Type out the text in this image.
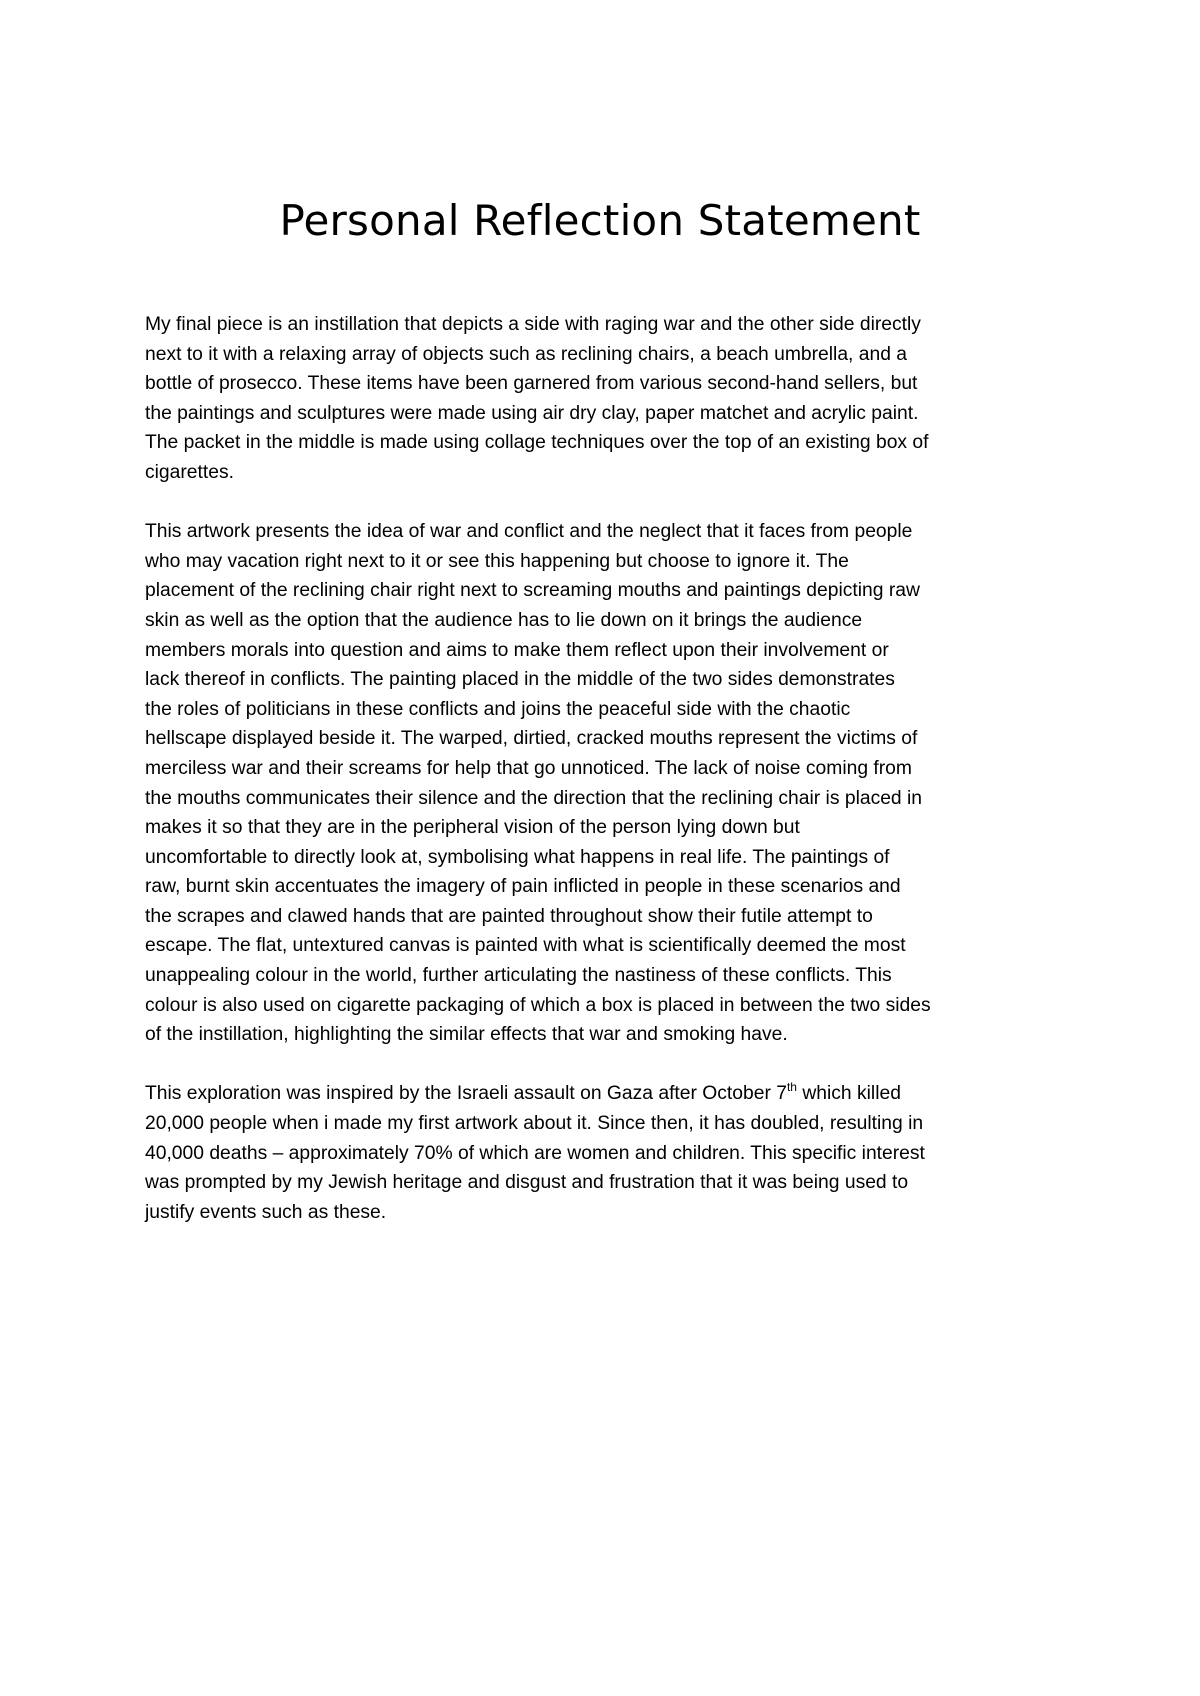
Personal Reflection Statement

My final piece is an instillation that depicts a side with raging war and the other side directly
next to it with a relaxing array of objects such as reclining chairs, a beach umbrella, and a
bottle of prosecco. These items have been garnered from various second-hand sellers, but
the paintings and sculptures were made using air dry clay, paper matchet and acrylic paint.
The packet in the middle is made using collage techniques over the top of an existing box of
cigarettes.

This artwork presents the idea of war and conflict and the neglect that it faces from people
who may vacation right next to it or see this happening but choose to ignore it. The
placement of the reclining chair right next to screaming mouths and paintings depicting raw
skin as well as the option that the audience has to lie down on it brings the audience
members morals into question and aims to make them reflect upon their involvement or
lack thereof in conflicts. The painting placed in the middle of the two sides demonstrates
the roles of politicians in these conflicts and joins the peaceful side with the chaotic
hellscape displayed beside it. The warped, dirtied, cracked mouths represent the victims of
merciless war and their screams for help that go unnoticed. The lack of noise coming from
the mouths communicates their silence and the direction that the reclining chair is placed in
makes it so that they are in the peripheral vision of the person lying down but
uncomfortable to directly look at, symbolising what happens in real life. The paintings of
raw, burnt skin accentuates the imagery of pain inflicted in people in these scenarios and
the scrapes and clawed hands that are painted throughout show their futile attempt to
escape. The flat, untextured canvas is painted with what is scientifically deemed the most
unappealing colour in the world, further articulating the nastiness of these conflicts. This
colour is also used on cigarette packaging of which a box is placed in between the two sides
of the instillation, highlighting the similar effects that war and smoking have.

This exploration was inspired by the Israeli assault on Gaza after October 7th which killed
20,000 people when i made my first artwork about it. Since then, it has doubled, resulting in
40,000 deaths – approximately 70% of which are women and children. This specific interest
was prompted by my Jewish heritage and disgust and frustration that it was being used to
justify events such as these.
